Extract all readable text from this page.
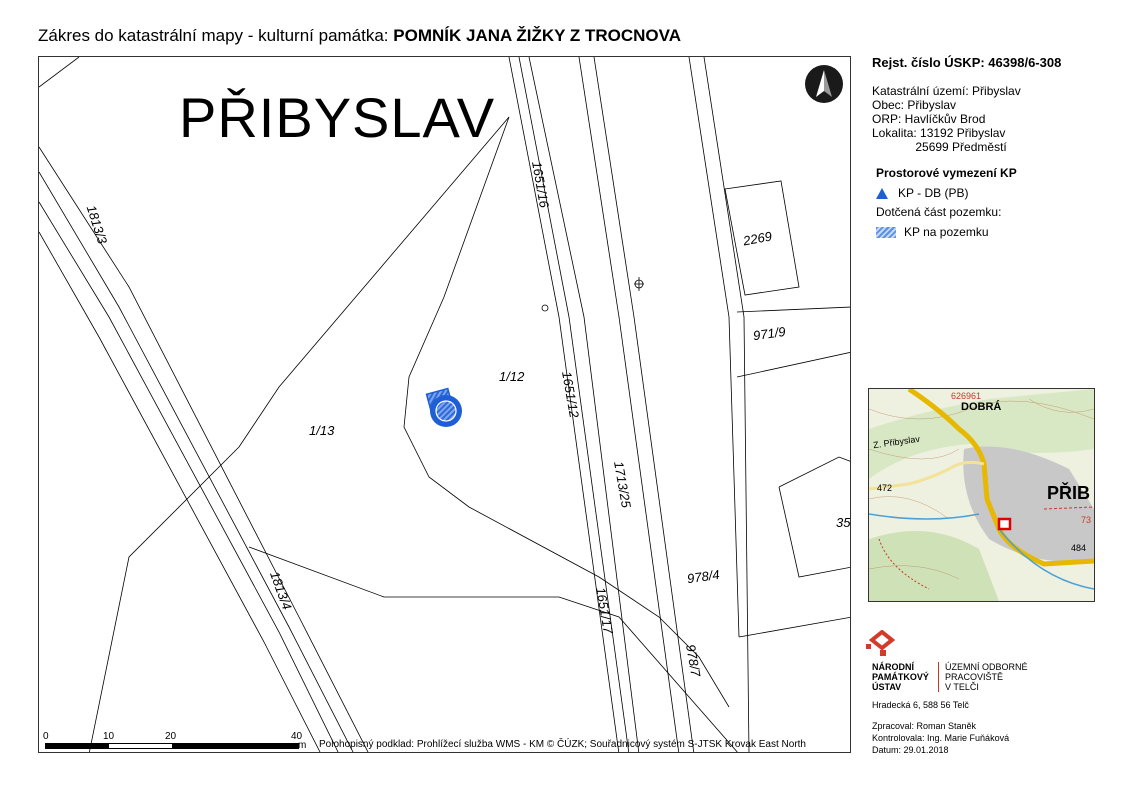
Zákres do katastrální mapy - kulturní památka: POMNÍK JANA ŽIŽKY Z TROCNOVA
PŘIBYSLAV
1813/3
1651/16
2269
971/9
1/12	1651/12
1/13
1713/25
1813/4	978/4
1651/17
978/7
35
0	10	20	40
m Polohopisný podklad: Prohlížecí služba WMS - KM © ČÚZK; Souřadnicový systém S-JTSK Krovak East North
Rejst. číslo ÚSKP: 46398/6-308
Katastrální území: Přibyslav
Obec: Přibyslav
ORP: Havlíčkův Brod
Lokalita: 13192 Přibyslav
25699 Předměstí
Prostorové vymezení KP
KP - DB (PB)
Dotčená část pozemku:
KP na pozemku
626961
DOBRÁ
Z. Přibyslav
472	PŘIB
484
73
NÁRODNÍ
PAMÁTKOVÝ
ÚSTAV
ÚZEMNÍ ODBORNÉ
PRACOVIŠTĚ
V TELČI
Hradecká 6, 588 56 Telč
Zpracoval: Roman Staněk
Kontrolovala: Ing. Marie Fuňáková
Datum: 29.01.2018
